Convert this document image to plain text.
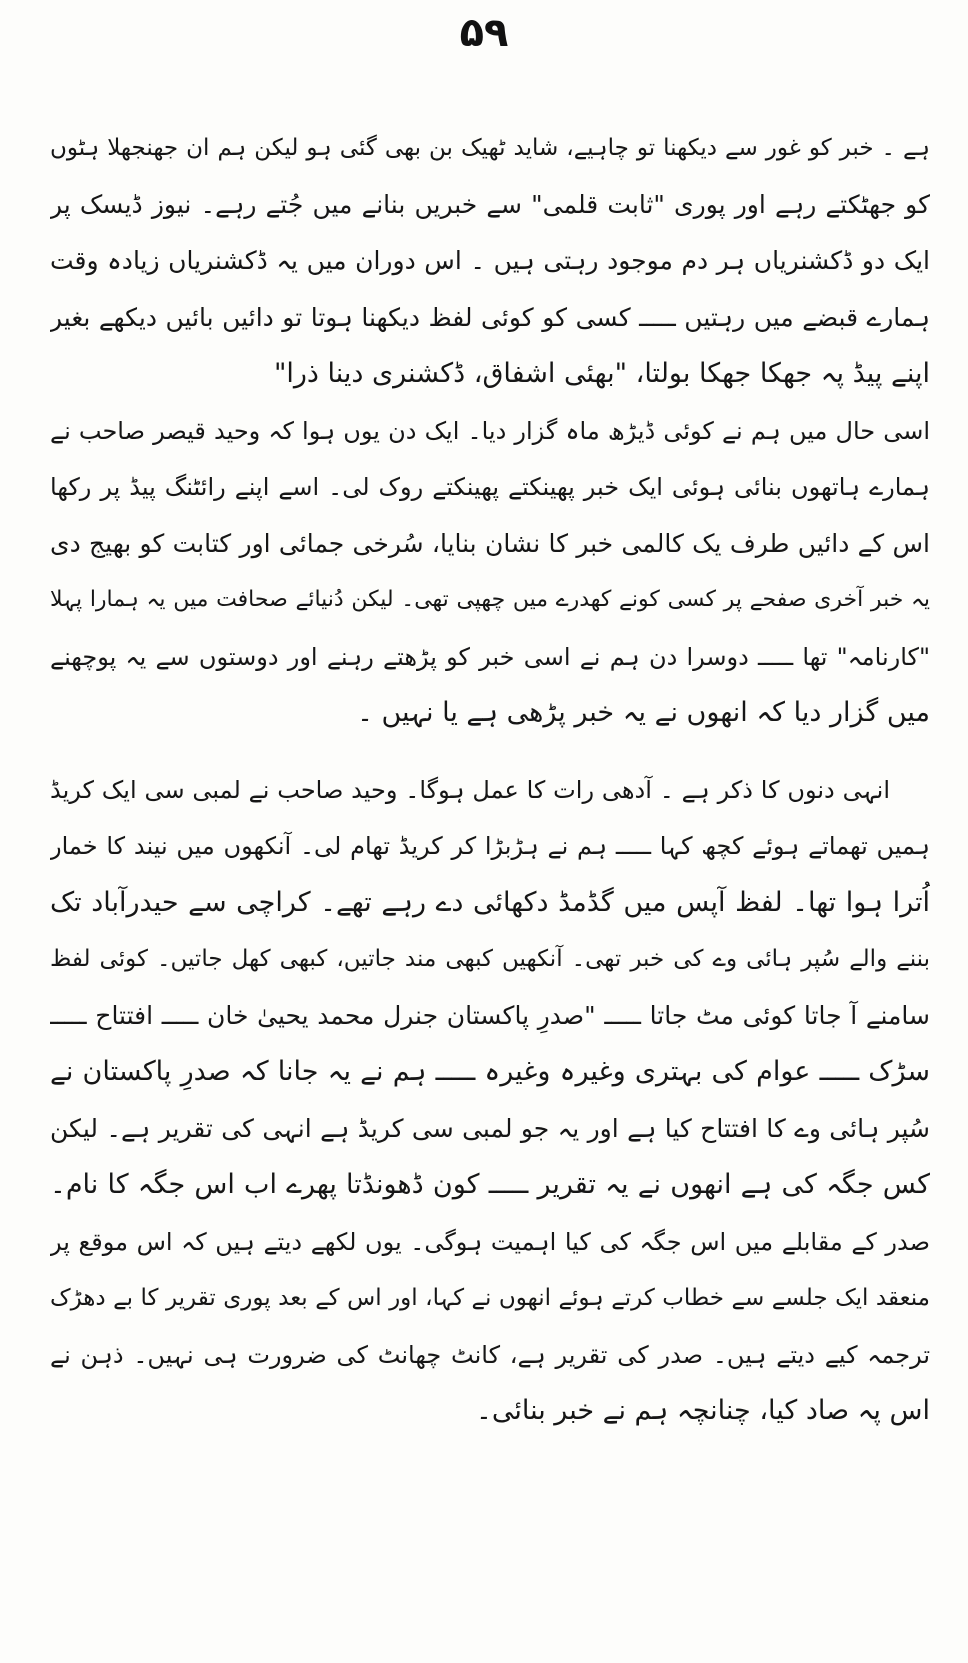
۵۹
ہے ۔ خبر کو غور سے دیکھنا تو چاہیے، شاید ٹھیک بن بھی گئی ہو لیکن ہم ان جھنجھلا ہٹوں
کو جھٹکتے رہے اور پوری "ثابت قلمی" سے خبریں بنانے میں جُتے رہے۔ نیوز ڈیسک پر
ایک دو ڈکشنریاں ہر دم موجود رہتی ہیں ۔ اس دوران میں یہ ڈکشنریاں زیادہ وقت
ہمارے قبضے میں رہتیں ـــــ کسی کو کوئی لفظ دیکھنا ہوتا تو دائیں بائیں دیکھے بغیر
اپنے پیڈ پہ جھکا جھکا بولتا، "بھئی اشفاق، ڈکشنری دینا ذرا"
اسی حال میں ہم نے کوئی ڈیڑھ ماہ گزار دیا۔ ایک دن یوں ہوا کہ وحید قیصر صاحب نے
ہمارے ہاتھوں بنائی ہوئی ایک خبر پھینکتے پھینکتے روک لی۔ اسے اپنے رائٹنگ پیڈ پر رکھا
اس کے دائیں طرف یک کالمی خبر کا نشان بنایا، سُرخی جمائی اور کتابت کو بھیج دی
یہ خبر آخری صفحے پر کسی کونے کھدرے میں چھپی تھی۔ لیکن دُنیائے صحافت میں یہ ہمارا پہلا
"کارنامہ" تھا ـــــ دوسرا دن ہم نے اسی خبر کو پڑھتے رہنے اور دوستوں سے یہ پوچھنے
میں گزار دیا کہ انھوں نے یہ خبر پڑھی ہے یا نہیں ۔
انہی دنوں کا ذکر ہے ۔ آدھی رات کا عمل ہوگا۔ وحید صاحب نے لمبی سی ایک کریڈ
ہمیں تھماتے ہوئے کچھ کہا ـــــ ہم نے ہڑبڑا کر کریڈ تھام لی۔ آنکھوں میں نیند کا خمار
اُترا ہوا تھا۔ لفظ آپس میں گڈمڈ دکھائی دے رہے تھے۔ کراچی سے حیدرآباد تک
بننے والے سُپر ہائی وے کی خبر تھی۔ آنکھیں کبھی مند جاتیں، کبھی کھل جاتیں۔ کوئی لفظ
سامنے آ جاتا کوئی مٹ جاتا ـــــ "صدرِ پاکستان جنرل محمد یحییٰ خان ـــــ افتتاح ـــــ
سڑک ـــــ عوام کی بہتری وغیرہ وغیرہ ـــــ ہم نے یہ جانا کہ صدرِ پاکستان نے
سُپر ہائی وے کا افتتاح کیا ہے اور یہ جو لمبی سی کریڈ ہے انہی کی تقریر ہے۔ لیکن
کس جگہ کی ہے انھوں نے یہ تقریر ـــــ کون ڈھونڈتا پھرے اب اس جگہ کا نام۔
صدر کے مقابلے میں اس جگہ کی کیا اہمیت ہوگی۔ یوں لکھے دیتے ہیں کہ اس موقع پر
منعقد ایک جلسے سے خطاب کرتے ہوئے انھوں نے کہا، اور اس کے بعد پوری تقریر کا بے دھڑک
ترجمہ کیے دیتے ہیں۔ صدر کی تقریر ہے، کانٹ چھانٹ کی ضرورت ہی نہیں۔ ذہن نے
اس پہ صاد کیا، چنانچہ ہم نے خبر بنائی۔
